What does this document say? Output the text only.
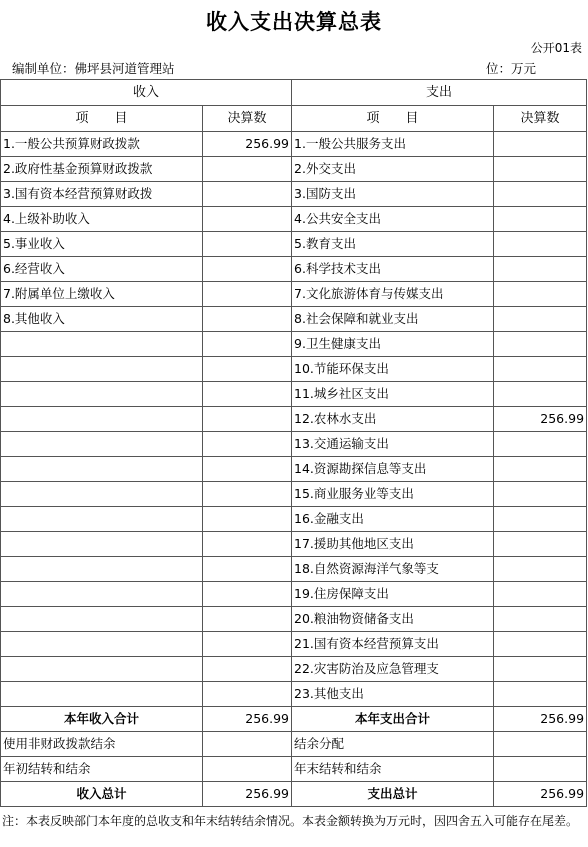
收入支出决算总表
公开01表
编制单位：佛坪县河道管理站	位：万元
收入		支出	
项　　目	决算数	项　　目	决算数
1.一般公共预算财政拨款	256.99	1.一般公共服务支出	
2.政府性基金预算财政拨款		2.外交支出	
3.国有资本经营预算财政拨		3.国防支出	
4.上级补助收入		4.公共安全支出	
5.事业收入		5.教育支出	
6.经营收入		6.科学技术支出	
7.附属单位上缴收入		7.文化旅游体育与传媒支出	
8.其他收入		8.社会保障和就业支出	
		9.卫生健康支出	
		10.节能环保支出	
		11.城乡社区支出	
		12.农林水支出	256.99
		13.交通运输支出	
		14.资源勘探信息等支出	
		15.商业服务业等支出	
		16.金融支出	
		17.援助其他地区支出	
		18.自然资源海洋气象等支	
		19.住房保障支出	
		20.粮油物资储备支出	
		21.国有资本经营预算支出	
		22.灾害防治及应急管理支	
		23.其他支出	
本年收入合计	256.99	本年支出合计	256.99
使用非财政拨款结余		结余分配	
年初结转和结余		年末结转和结余	
收入总计	256.99	支出总计	256.99
注：本表反映部门本年度的总收支和年末结转结余情况。本表金额转换为万元时，因四舍五入可能存在尾差。
